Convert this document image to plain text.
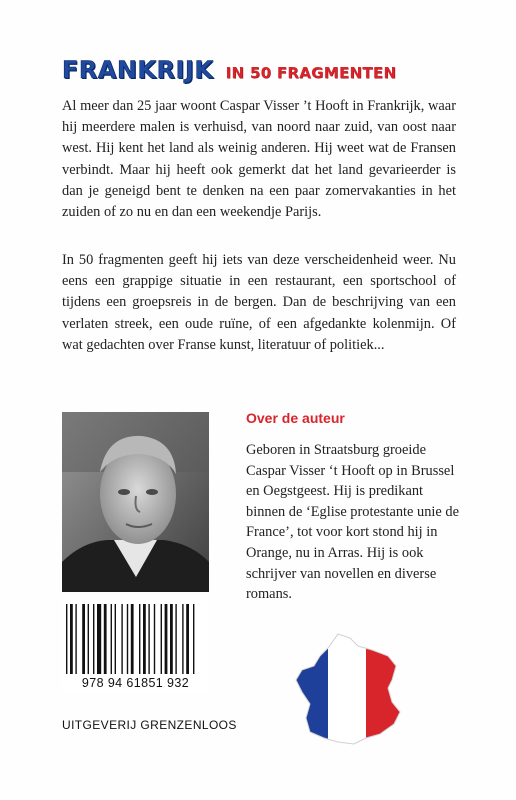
FRANKRIJK IN 50 FRAGMENTEN

Al meer dan 25 jaar woont Caspar Visser ’t Hooft in Frankrijk, waar hij meerdere malen is verhuisd, van noord naar zuid, van oost naar west. Hij kent het land als weinig anderen. Hij weet wat de Fransen verbindt. Maar hij heeft ook gemerkt dat het land gevarieerder is dan je geneigd bent te denken na een paar zomervakanties in het zuiden of zo nu en dan een weekendje Parijs.

In 50 fragmenten geeft hij iets van deze verscheidenheid weer. Nu eens een grappige situatie in een restaurant, een sportschool of tijdens een groepsreis in de bergen. Dan de beschrijving van een verlaten streek, een oude ruïne, of een afgedankte kolenmijn. Of wat gedachten over Franse kunst, literatuur of politiek...

Over de auteur

Geboren in Straatsburg groeide Caspar Visser ‘t Hooft op in Brussel en Oegstgeest. Hij is predikant binnen de ‘Eglise protestante unie de France’, tot voor kort stond hij in Orange, nu in Arras. Hij is ook schrijver van novellen en diverse romans.

978 94 61851 932
UITGEVERIJ GRENZENLOOS
